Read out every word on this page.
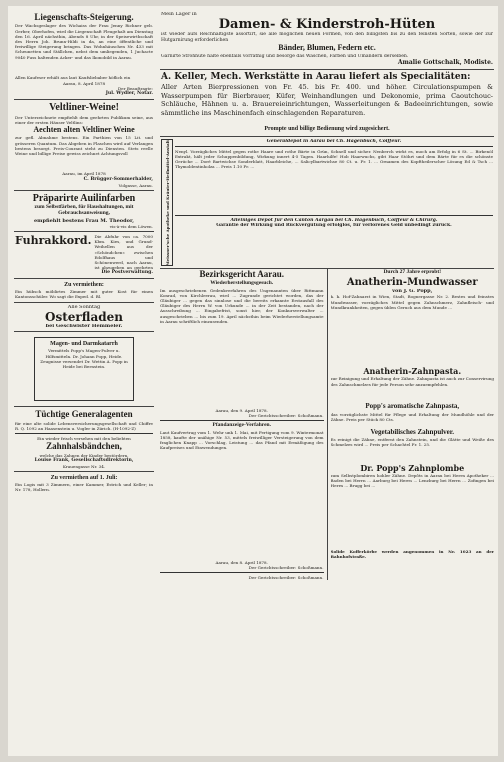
Liegenschafts-Steigerung.
Der Wachsgeslager des Wichaiss der Frau Jenny Richner geb. Gerber, Oberhofen, wird die Liegenschaft Fleugehalt am Dienstag den 16. April nächsthin, Abends 8 Uhr, in der Speisewirthschaft des Herrn Joh. Brunn-Hildi in da, an eine öffentliche und freiwillige Steigerung bringen. Das Wohnhäuschen Nr. 433 mit Scheunetten und Ställchen, nebst dem umliegenden, 1 Juchacte 9040 Fuss haltenden Acker- und das Ikonobild in Aarau.
Allen Kaufeser erhält aus laut Kaufsliebaber höflich ein
Aarau, 8. April 1878
Der Beauftragte:
Jul. Wydler, Notar.
Veltliner-Weine!
Der Unterzeichnete empfiehlt dem geehrten Publikum seine, aus einer der ersten Häuser Veltlins:
Aechten alten Veltliner Weine
zur gefl. Abnahme bestens. Ein Parthien von 15 Lit. und grösseren Quantum. Das Abgeben in Flaschen wird auf Verlangen bestens besorgt. Preis-Courant steht zu Diensten. Stets reelle Weine und billige Preise gewiss zeichnet Achtungsvoll
Aarau, im April 1878
C. Brügger-Sommerhalder,
Volgasse, Aarau.
Präparirte Auilinfarben
zum Selbstfärben, für Haushaltungen, mit Gebrauchsanweisung,
empfiehlt bestens Frau M. Theodor,
vis-à-vis dem Löwen.
Fuhrakkord. Die Abfuhr von ca. 7000 Kbm. Kies, und Grund-Weihellen aus der »Schöndchen« zwischen Edolfhaus und Schönenwerd, nach Aarau, ist abzugeben an geehrten
Die Postverwaltung.
Zu vermiethen:
Ein hübsch möblirtes Zimmer mit guter Kost für einen Kantonsschüler. Wo sagt die Exped. d. Bl.
Alle Sonntag
Osterfladen
bei Geschwister Hemmeler.
Magen- und Darmkatarrh
Vermittels Popp's Magen-Pulver u. Hilfsmitteln. Dr. Johann Popp, Heide. Zeugnisse versendet Dr. Wettin A. Popp in Heide bei Bernstein.
Tüchtige Generalagenten
für eine alte solide Lebensversicherungsgesellschaft und Chiffre R. Q. 1092 an Haasenstein u. Vogler in Zürich. (H-1092-Z)
Ein wieder frisch versehen mit den beliebten
Zahnhalsbändchen,
welche das Zahnen der Kinder bestördern.
Louise Frank, Gesellschaftsdirektorin,
Krauengasse Nr. 34.
Zu vermiethen auf 1. Juli:
Ein Logis mit 3 Zimmern, einer Kammer, Estrich und Keller; in Nr. 178, Hollern.
Mein Lager in
Damen- & Kinderstroh-Hüten
ist wieder aufs Reichhaltigste assortirt, sie alle möglichen neuen Formen, von den billigsten bis zu den feinsten Sorten, sowie der zur Hutgarnirung erforderlichen
Bänder, Blumen, Federn etc.
Garnirte Strohhüte halte ebenfalls vorräthig und besorge das Wäschen, Färben und Umändern derselben.
Amalie Gottschalk, Modiste.
A. Keller, Mech. Werkstätte in Aarau liefert als Specialitäten:
Aller Arten Bierpressionen von Fr. 45. bis Fr. 400. und höher. Circulationspumpen & Wasserpumpen für Bierbrauer, Küfer, Weinhandlungen und Dekonomie, prima Caoutchouc-Schläuche, Hähnen u. a. Brauereieinrichtungen, Wasserleitungen & Badeeinrichtungen, sowie sämmtliche ins Maschinenfach einschlagenden Reparaturen.
Prompte und billige Bedienung wird zugesichert.
Meissner'sche Apotheke und Kräuter-Heilmittel-Anstalt	Generaldepôt in Aarau bei Ch. Hagenbuch, Coiffeur.
Nenyl. Vorzügliches Mittel gegen rothe Haare und rothe Bärte in Grün, Schnell und sicher. Nenberch wirkt es, moch am Erfolg in 6 St. ... Birkenöl Extrakt, hält jeder Schuppenbildung, Wirkung innert 4-5 Tagen. Haarhilfe! Hob Haarwuchs, gibt Haar Stöhrt und dem Bärte für es die schönste Gerüche ... Doré Bartwichse Sonderblatt, Haarbleiche, ... Salicylbartwichse 80 Ct. u. Fr. 1. ... Ornamen des Kopftheilerscher Lösung Ed & Tsch ... Thymoldentinholza ... Preis 1.10 Fr. ...
Alleiniges Depôt für den Canton Aargau bei Ch. Hagenbuch, Coiffeur & Chirurg.
Garantie der Wirkung und Rückvergütung erfolglos, für verlorenes Geld unbedingt zurück.
Bezirksgericht Aarau.
Wiederherstellungsgesuch.
Im ausgeschriebenen Gedenkverfahren des Ungenannten über Rittmann Konrad, von Kirchleerau, wird ... Zugrunde gerichtet worden, das der Gläubiger ... gegen das sinnlose und die bereits erkannte Erstausfall des Gläubiger des Herrn W. von Urkunde ... in der Zeit bestanden, nach der Ausschreibung ... Eingabefrist, sonst hier, der Konkursverwalter ... ausgeschrieben ... bis zum 19. April nächsthin beim Wiederherstellungsamte in Aarau schriftlich einzusenden.
Aarau, den 9. April 1878.
Der Gerichtsschreiber: Schoßmann.
Pfandanzeige-Verfahren.
Laut Kaufvertrag vom 1. Wehr unk 1. Mai, mit Fertigung vom 9. Wintermonat 1858, kaufte der unähige Nr. 53, mittels freiwilliger Versteigerung von dem fraglichen Knapp ... Vorschlag, Leistung ... das Pfand mit Ermäßigung des Kaufpreises und Einwendungen.
Aarau, den 8. April 1878.
Der Gerichtsschreiber: Schoßmann.
Der Gerichtsschreiber: Schoßmann.
Durch 27 Jahre erprobt!
Anatherin-Mundwasser
von J. G. Popp,
k. k. Hof-Zahnarzt in Wien, Stadt, Bognergasse Nr. 2. Bestes und feinstes Mundwasser, vorzügliches Mittel gegen Zahnschmerz, Zahnfleisch- und Mundkrankheiten, gegen üblen Geruch aus dem Munde ...
Anatherin-Zahnpasta.
zur Reinigung und Erhaltung der Zähne. Zahnpasta ist auch zur Conservirung des Zahnschmelzes für jede Person sehr anzuempfehlen.
Popp's aromatische Zahnpasta,
das vorzüglichste Mittel für Pflege und Erhaltung der Mundhöhle und der Zähne. Preis per Stück 80 Cts.
Vegetabilisches Zahnpulver.
Es reinigt die Zähne, entfernt den Zahnstein, und die Glätte und Weiße des Schmelzes wird ... Preis per Schachtel Fr. 1. 25.
Dr. Popp's Zahnplombe
zum Selbstplombiren hohler Zähne. Depôts in Aarau bei Herrn Apotheker ... Baden bei Herrn ... Aarburg bei Herrn ... Lenzburg bei Herrn ... Zofingen bei Herrn ... Brugg bei ...
Solide Kofferkörbe werden angenommen in Nr. 1023 an der Bahnhofstraße.
